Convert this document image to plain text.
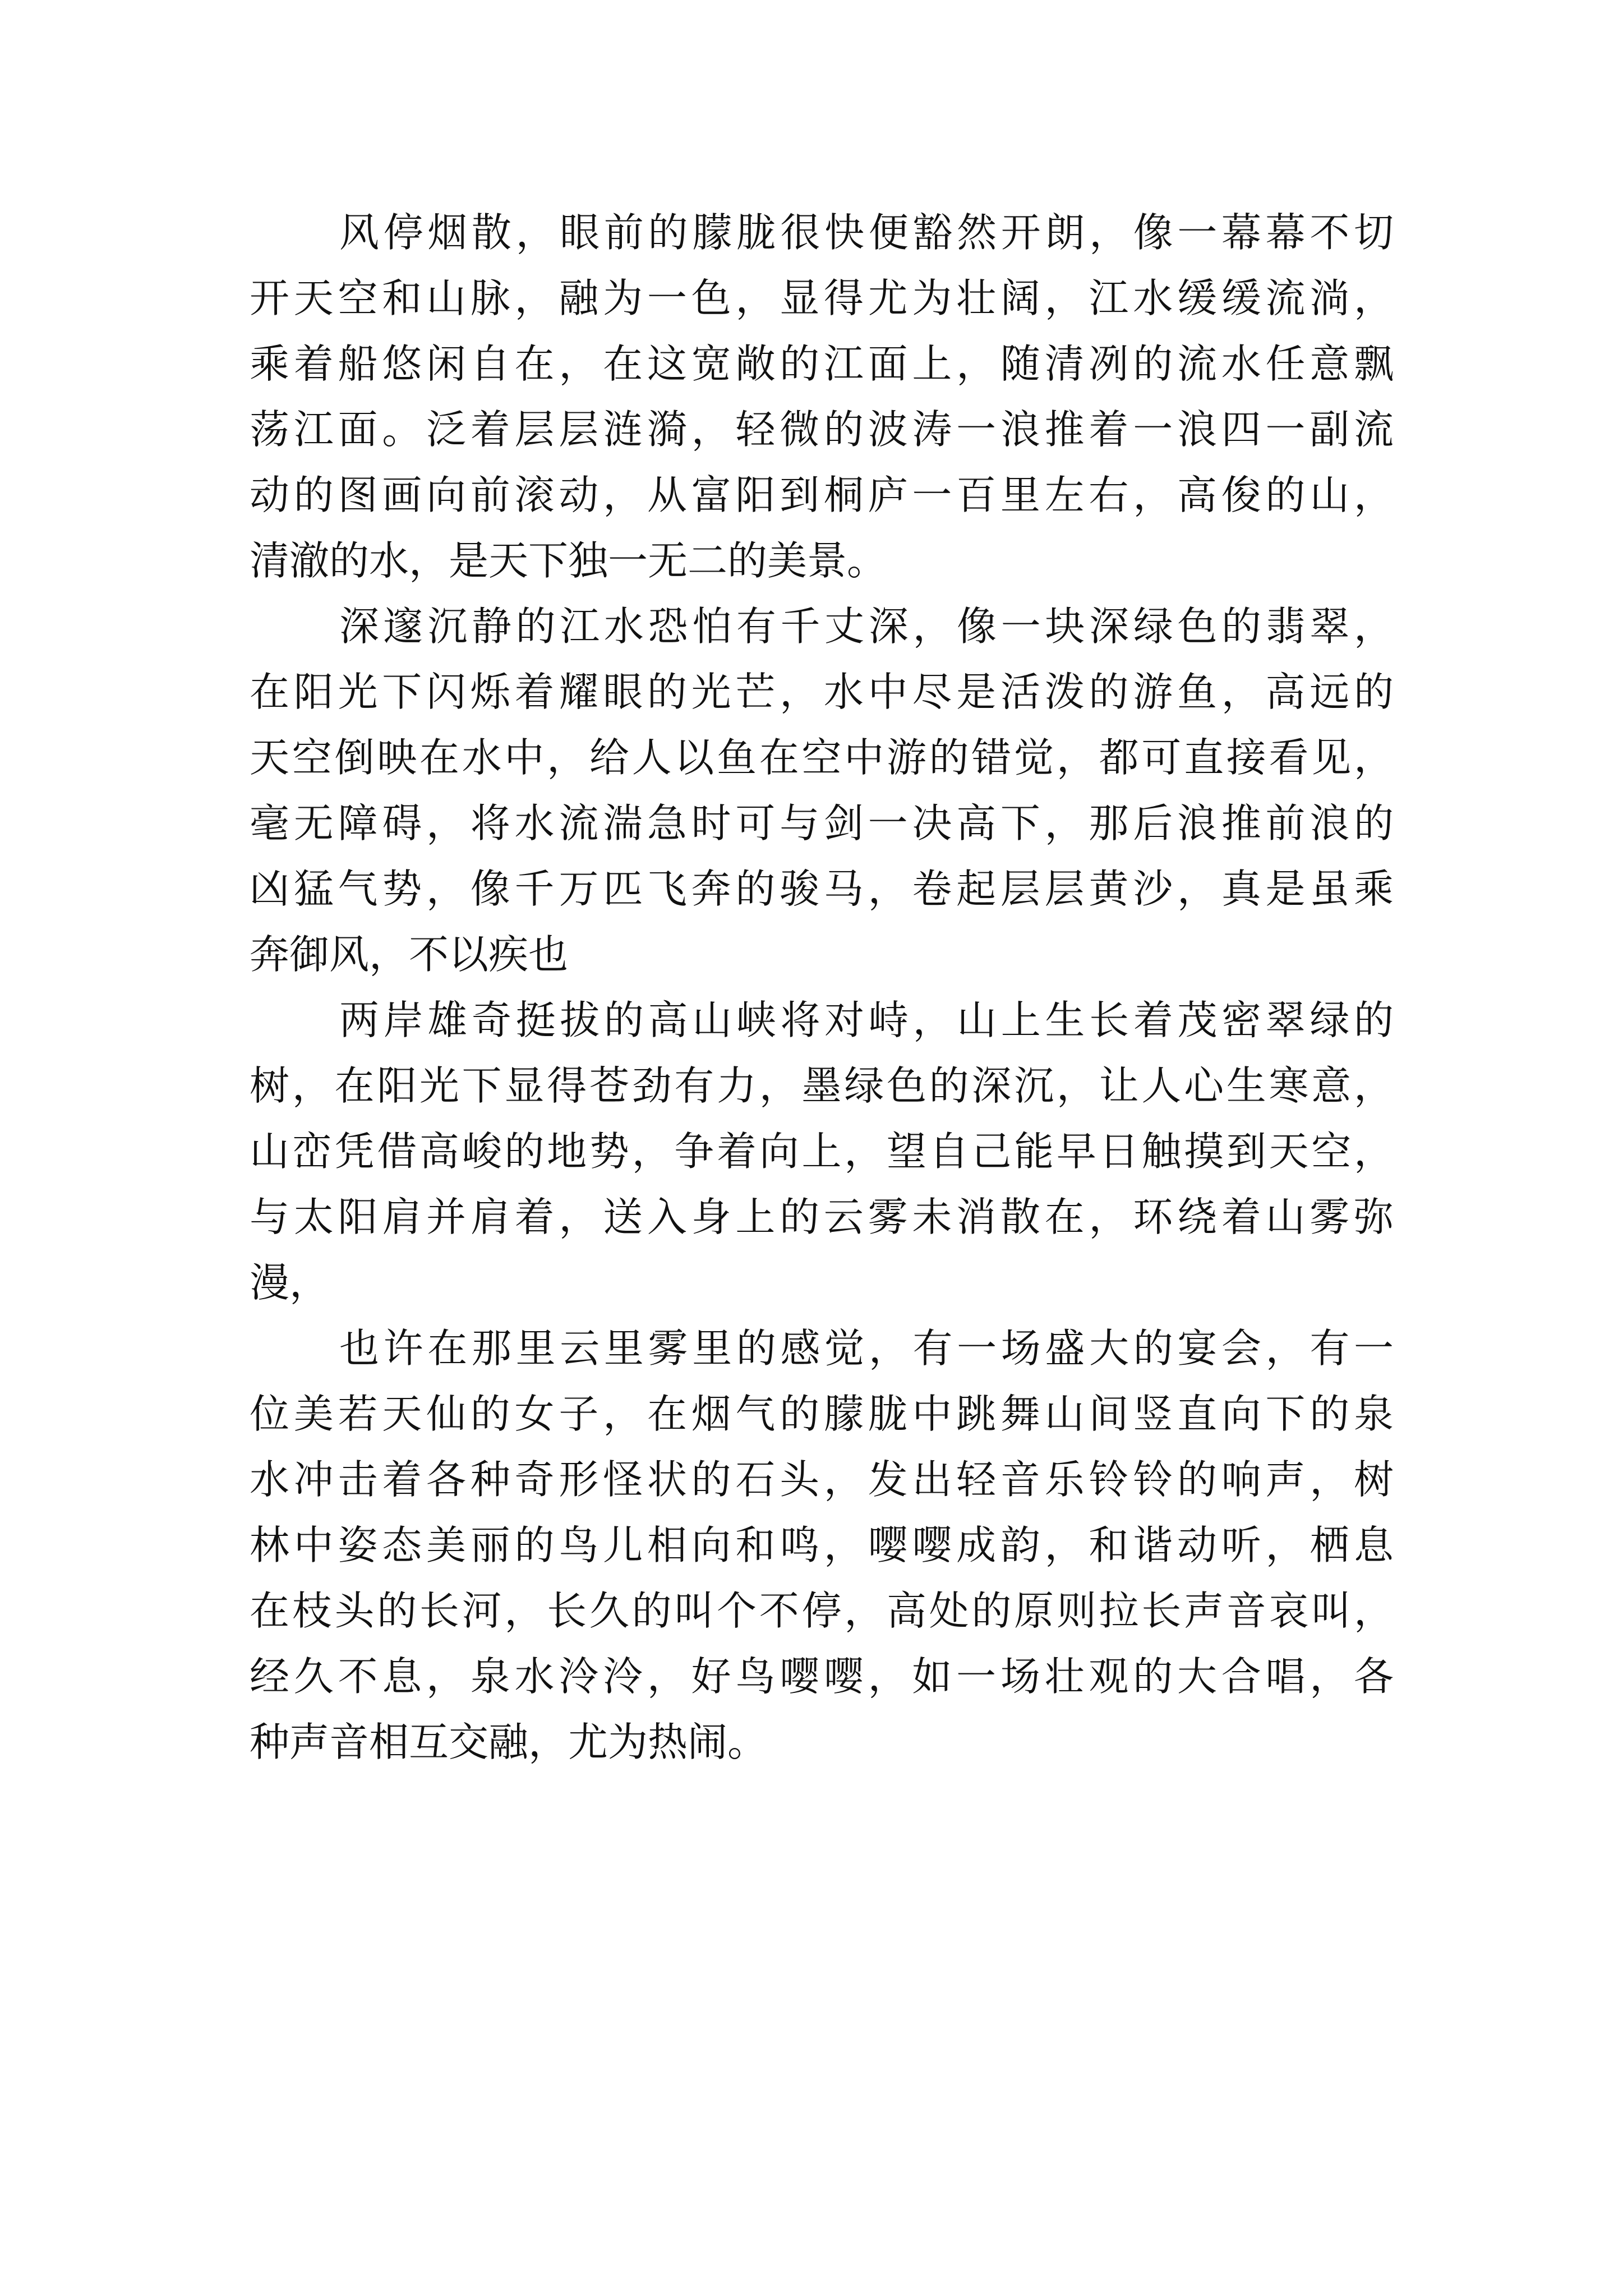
风停烟散，眼前的朦胧很快便豁然开朗，像一幕幕不切
开天空和山脉，融为一色，显得尤为壮阔，江水缓缓流淌，
乘着船悠闲自在，在这宽敞的江面上，随清冽的流水任意飘
荡江面。泛着层层涟漪，轻微的波涛一浪推着一浪四一副流
动的图画向前滚动，从富阳到桐庐一百里左右，高俊的山，
清澈的水，是天下独一无二的美景。
深邃沉静的江水恐怕有千丈深，像一块深绿色的翡翠，
在阳光下闪烁着耀眼的光芒，水中尽是活泼的游鱼，高远的
天空倒映在水中，给人以鱼在空中游的错觉，都可直接看见，
毫无障碍，将水流湍急时可与剑一决高下，那后浪推前浪的
凶猛气势，像千万匹飞奔的骏马，卷起层层黄沙，真是虽乘
奔御风，不以疾也
两岸雄奇挺拔的高山峡将对峙，山上生长着茂密翠绿的
树，在阳光下显得苍劲有力，墨绿色的深沉，让人心生寒意，
山峦凭借高峻的地势，争着向上，望自己能早日触摸到天空，
与太阳肩并肩着，送入身上的云雾未消散在，环绕着山雾弥
漫，
也许在那里云里雾里的感觉，有一场盛大的宴会，有一
位美若天仙的女子，在烟气的朦胧中跳舞山间竖直向下的泉
水冲击着各种奇形怪状的石头，发出轻音乐铃铃的响声，树
林中姿态美丽的鸟儿相向和鸣，嘤嘤成韵，和谐动听，栖息
在枝头的长河，长久的叫个不停，高处的原则拉长声音哀叫，
经久不息，泉水泠泠，好鸟嘤嘤，如一场壮观的大合唱，各
种声音相互交融，尤为热闹。
